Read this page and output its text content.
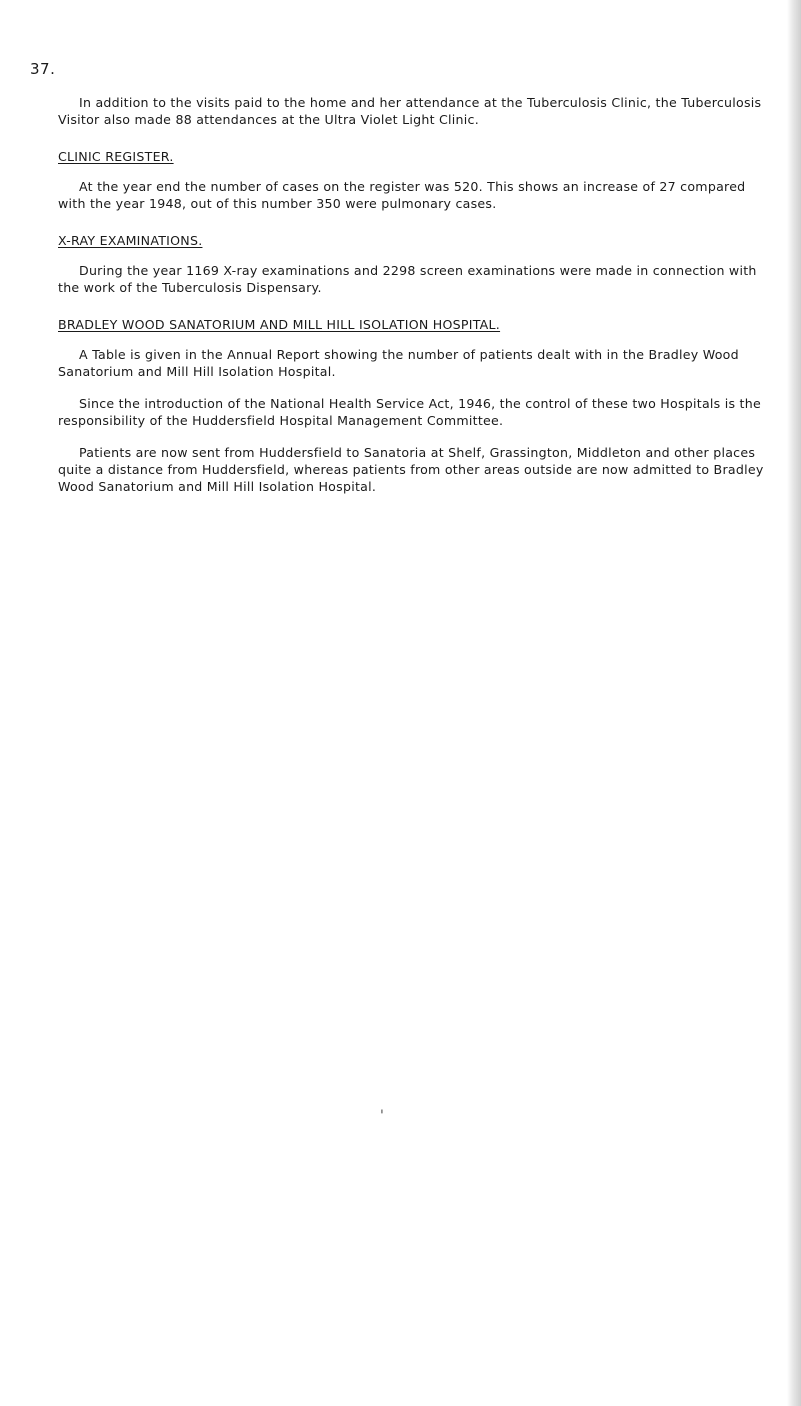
37.

In addition to the visits paid to the home and her attendance at the Tuberculosis Clinic, the Tuberculosis Visitor also made 88 attendances at the Ultra Violet Light Clinic.

CLINIC REGISTER.

At the year end the number of cases on the register was 520. This shows an increase of 27 compared with the year 1948, out of this number 350 were pulmonary cases.

X-RAY EXAMINATIONS.

During the year 1169 X-ray examinations and 2298 screen examinations were made in connection with the work of the Tuberculosis Dispensary.

BRADLEY WOOD SANATORIUM AND MILL HILL ISOLATION HOSPITAL.

A Table is given in the Annual Report showing the number of patients dealt with in the Bradley Wood Sanatorium and Mill Hill Isolation Hospital.

Since the introduction of the National Health Service Act, 1946, the control of these two Hospitals is the responsibility of the Huddersfield Hospital Management Committee.

Patients are now sent from Huddersfield to Sanatoria at Shelf, Grassington, Middleton and other places quite a distance from Huddersfield, whereas patients from other areas outside are now admitted to Bradley Wood Sanatorium and Mill Hill Isolation Hospital.

'
